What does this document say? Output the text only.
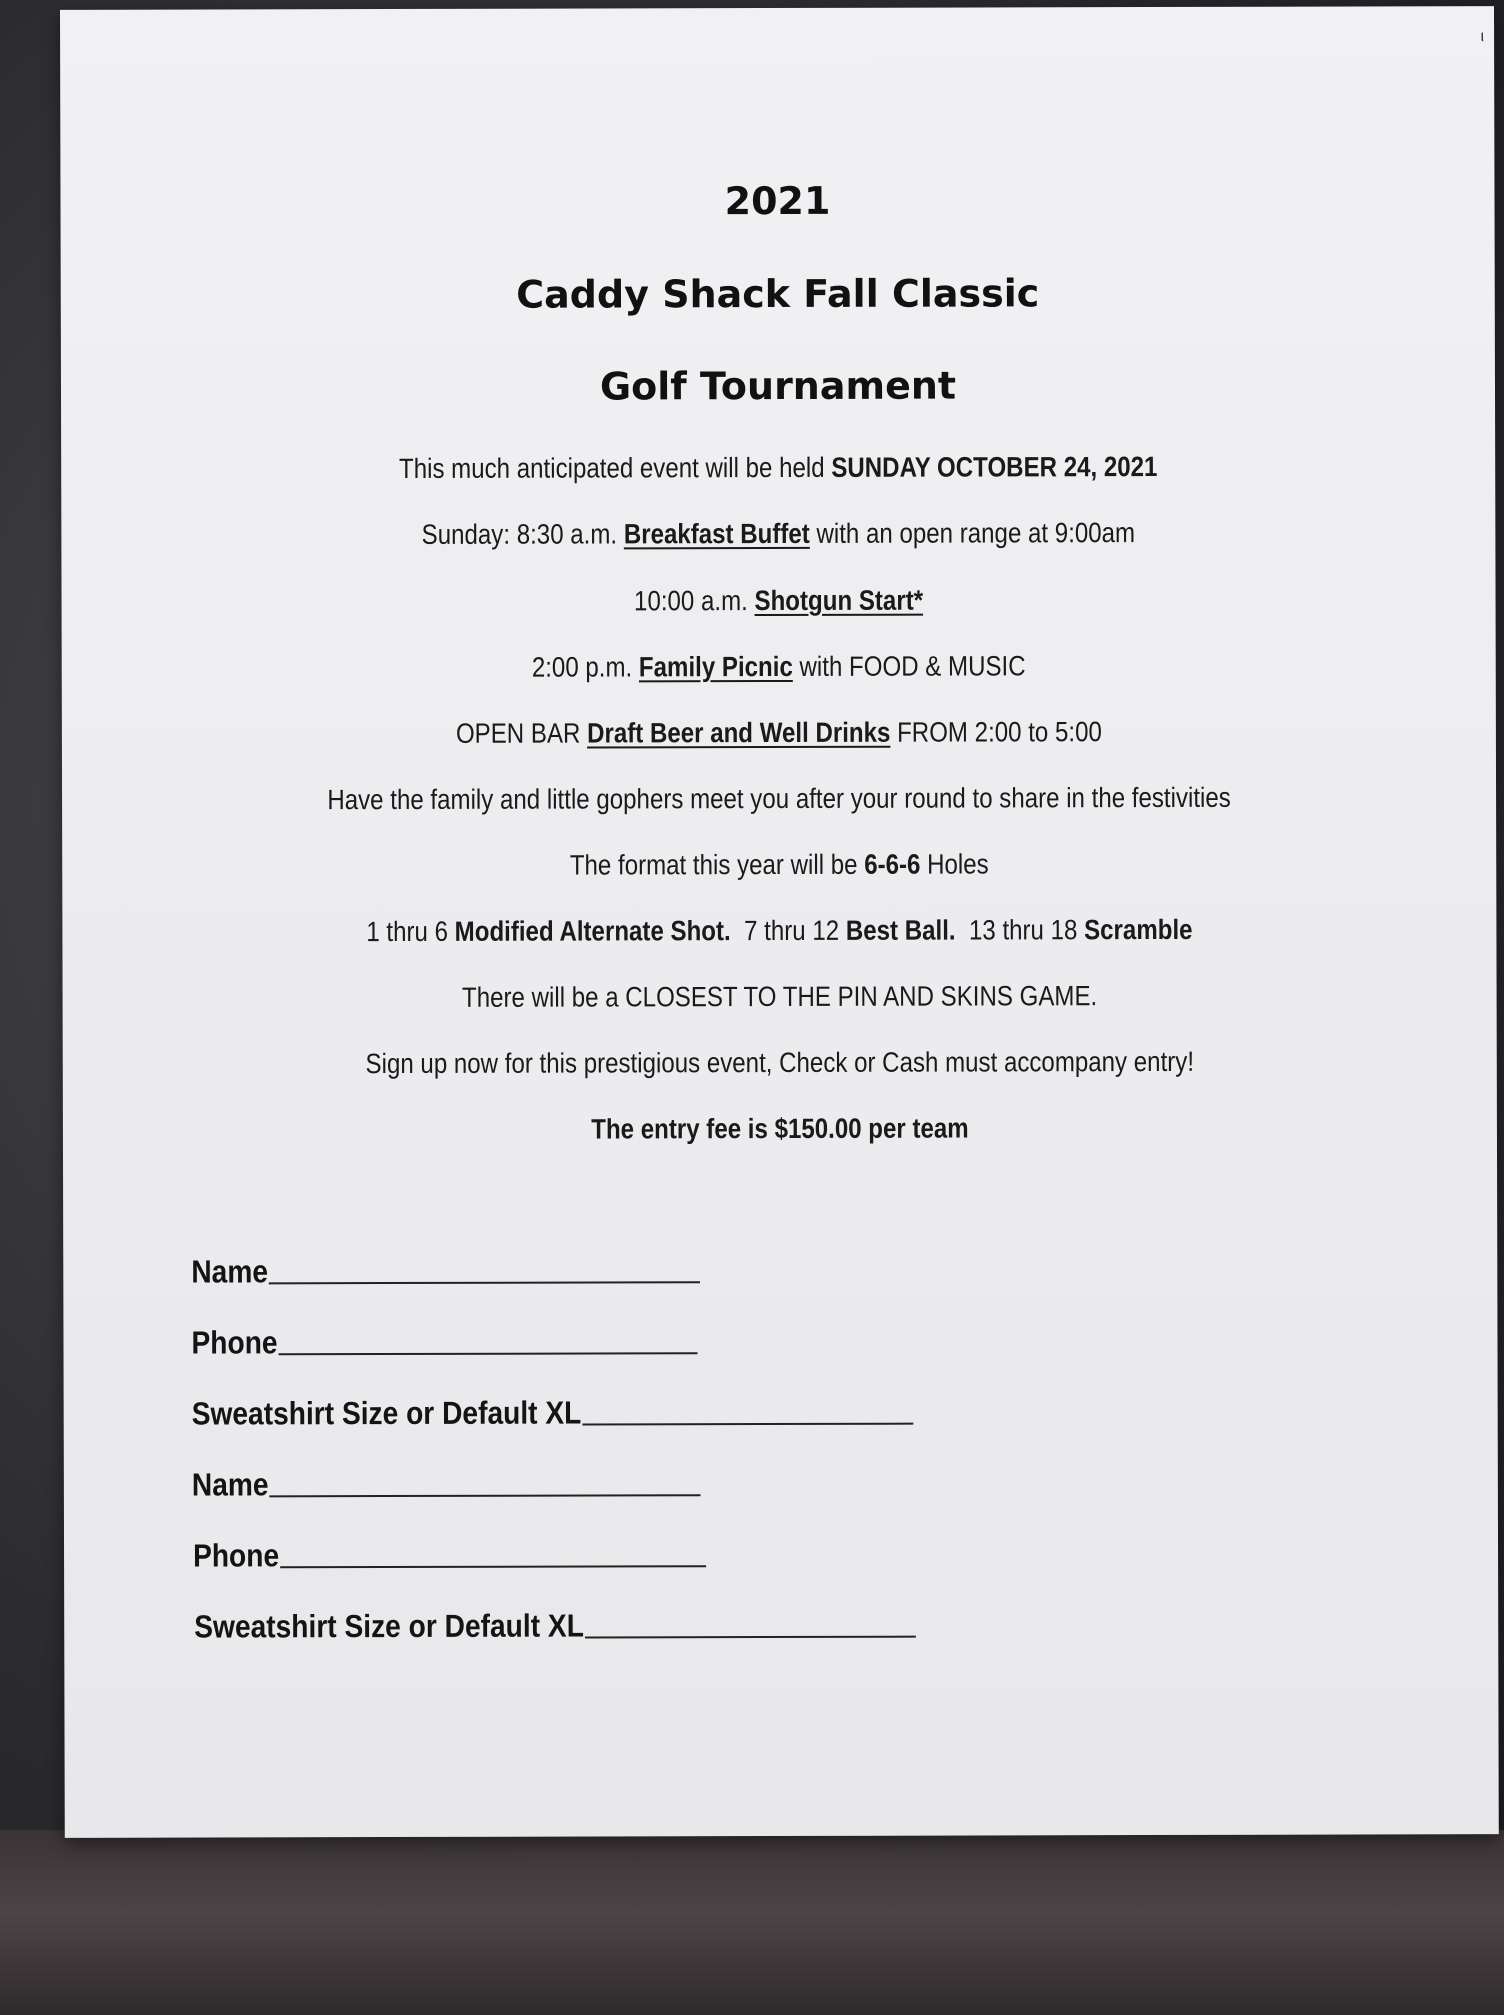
ι
2021
Caddy Shack Fall Classic
Golf Tournament
This much anticipated event will be held SUNDAY OCTOBER 24, 2021
Sunday: 8:30 a.m. Breakfast Buffet with an open range at 9:00am
10:00 a.m. Shotgun Start*
2:00 p.m. Family Picnic with FOOD & MUSIC
OPEN BAR Draft Beer and Well Drinks FROM 2:00 to 5:00
Have the family and little gophers meet you after your round to share in the festivities
The format this year will be 6-6-6 Holes
1 thru 6 Modified Alternate Shot.  7 thru 12 Best Ball.  13 thru 18 Scramble
There will be a CLOSEST TO THE PIN AND SKINS GAME.
Sign up now for this prestigious event, Check or Cash must accompany entry!
The entry fee is $150.00 per team
Name
Phone
Sweatshirt Size or Default XL
Name
Phone
Sweatshirt Size or Default XL
